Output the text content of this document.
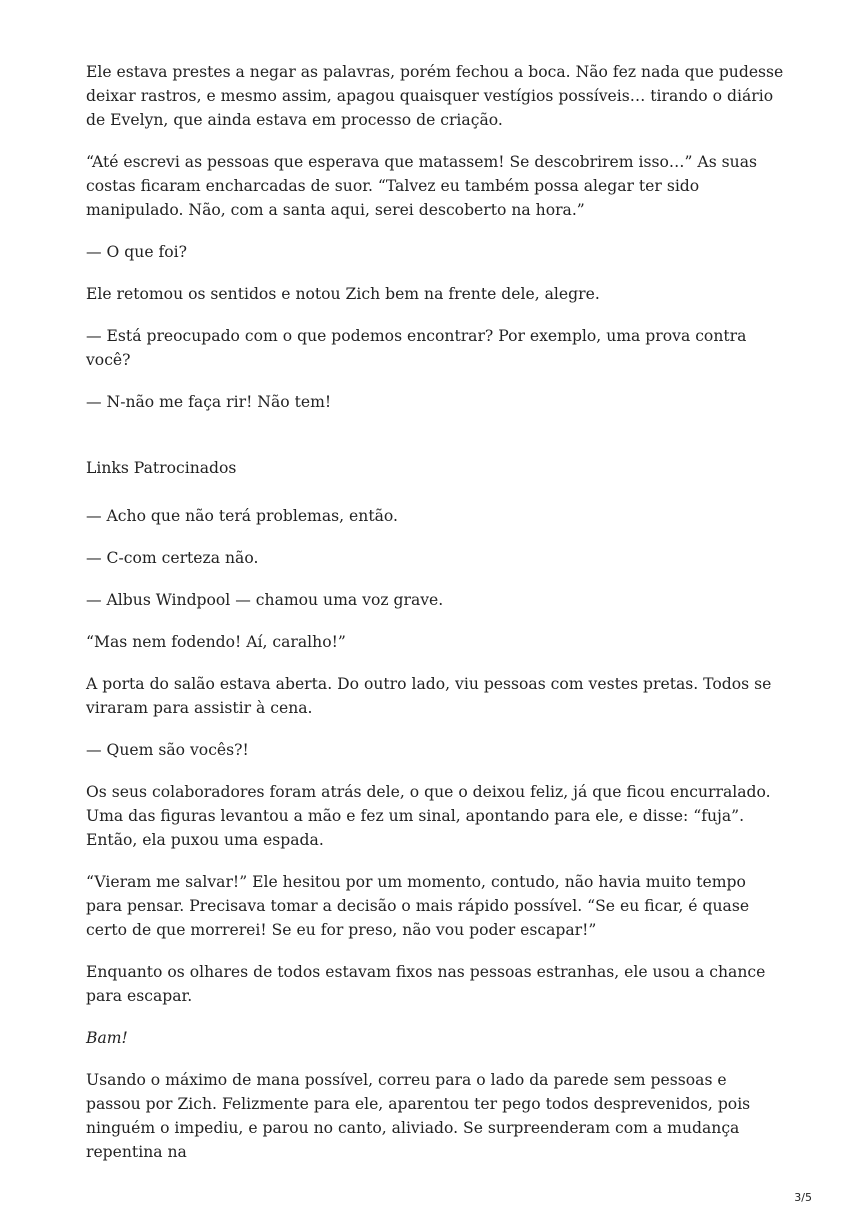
Ele estava prestes a negar as palavras, porém fechou a boca. Não fez nada que pudesse deixar rastros, e mesmo assim, apagou quaisquer vestígios possíveis… tirando o diário de Evelyn, que ainda estava em processo de criação.

“Até escrevi as pessoas que esperava que matassem! Se descobrirem isso…” As suas costas ficaram encharcadas de suor. “Talvez eu também possa alegar ter sido manipulado. Não, com a santa aqui, serei descoberto na hora.”

— O que foi?

Ele retomou os sentidos e notou Zich bem na frente dele, alegre.

— Está preocupado com o que podemos encontrar? Por exemplo, uma prova contra você?

— N-não me faça rir! Não tem!

Links Patrocinados

— Acho que não terá problemas, então.

— C-com certeza não.

— Albus Windpool — chamou uma voz grave.

“Mas nem fodendo! Aí, caralho!”

A porta do salão estava aberta. Do outro lado, viu pessoas com vestes pretas. Todos se viraram para assistir à cena.

— Quem são vocês?!

Os seus colaboradores foram atrás dele, o que o deixou feliz, já que ficou encurralado. Uma das figuras levantou a mão e fez um sinal, apontando para ele, e disse: “fuja”. Então, ela puxou uma espada.

“Vieram me salvar!” Ele hesitou por um momento, contudo, não havia muito tempo para pensar. Precisava tomar a decisão o mais rápido possível. “Se eu ficar, é quase certo de que morrerei! Se eu for preso, não vou poder escapar!”

Enquanto os olhares de todos estavam fixos nas pessoas estranhas, ele usou a chance para escapar.

Bam!

Usando o máximo de mana possível, correu para o lado da parede sem pessoas e passou por Zich. Felizmente para ele, aparentou ter pego todos desprevenidos, pois ninguém o impediu, e parou no canto, aliviado. Se surpreenderam com a mudança repentina na

3/5
